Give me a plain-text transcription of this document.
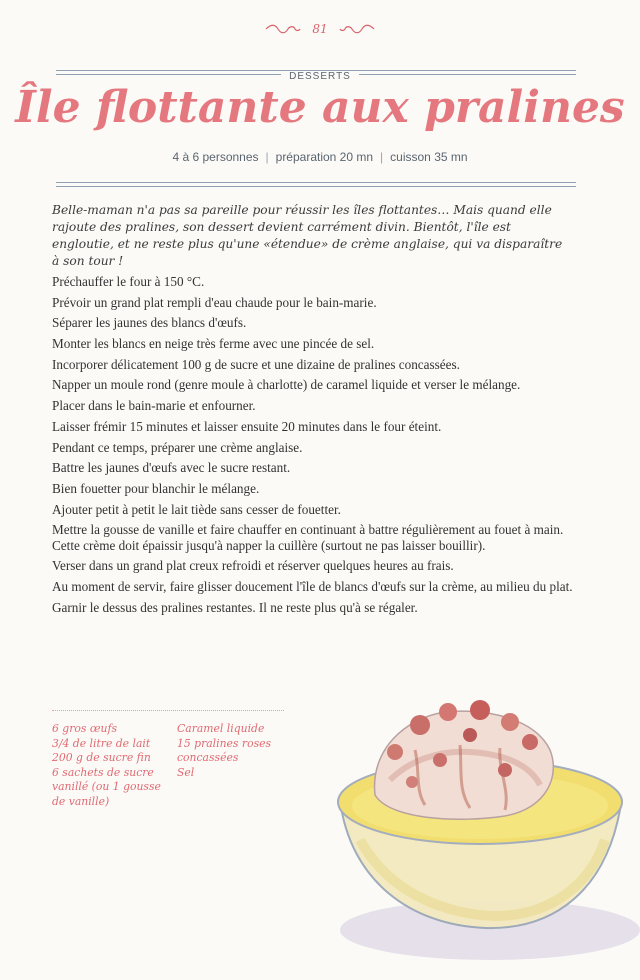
81
DESSERTS
Île flottante aux pralines
4 à 6 personnes | préparation 20 mn | cuisson 35 mn
Belle-maman n'a pas sa pareille pour réussir les îles flottantes… Mais quand elle rajoute des pralines, son dessert devient carrément divin. Bientôt, l'île est engloutie, et ne reste plus qu'une «étendue» de crème anglaise, qui va disparaître à son tour !
Préchauffer le four à 150 °C.
Prévoir un grand plat rempli d'eau chaude pour le bain-marie.
Séparer les jaunes des blancs d'œufs.
Monter les blancs en neige très ferme avec une pincée de sel.
Incorporer délicatement 100 g de sucre et une dizaine de pralines concassées.
Napper un moule rond (genre moule à charlotte) de caramel liquide et verser le mélange.
Placer dans le bain-marie et enfourner.
Laisser frémir 15 minutes et laisser ensuite 20 minutes dans le four éteint.
Pendant ce temps, préparer une crème anglaise.
Battre les jaunes d'œufs avec le sucre restant.
Bien fouetter pour blanchir le mélange.
Ajouter petit à petit le lait tiède sans cesser de fouetter.
Mettre la gousse de vanille et faire chauffer en continuant à battre régulièrement au fouet à main. Cette crème doit épaissir jusqu'à napper la cuillère (surtout ne pas laisser bouillir).
Verser dans un grand plat creux refroidi et réserver quelques heures au frais.
Au moment de servir, faire glisser doucement l'île de blancs d'œufs sur la crème, au milieu du plat.
Garnir le dessus des pralines restantes. Il ne reste plus qu'à se régaler.
6 gros œufs
3/4 de litre de lait
200 g de sucre fin
6 sachets de sucre vanillé (ou 1 gousse de vanille)
Caramel liquide
15 pralines roses concassées
Sel
